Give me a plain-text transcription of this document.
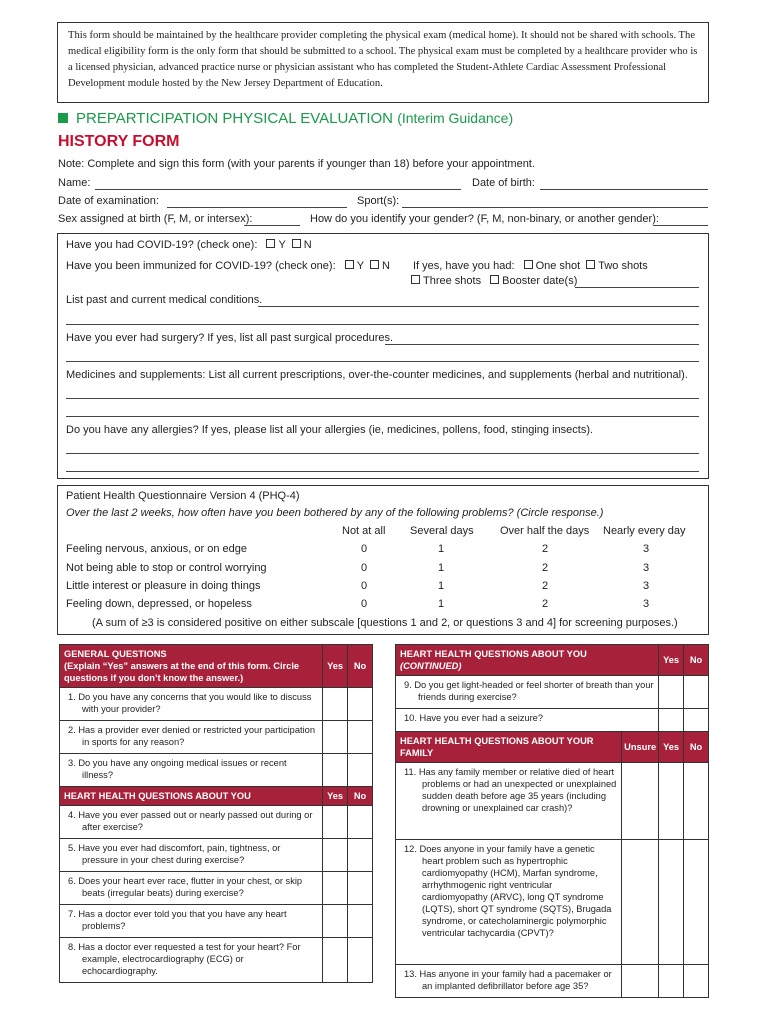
This form should be maintained by the healthcare provider completing the physical exam (medical home). It should not be shared with schools. The medical eligibility form is the only form that should be submitted to a school. The physical exam must be completed by a healthcare provider who is a licensed physician, advanced practice nurse or physician assistant who has completed the Student-Athlete Cardiac Assessment Professional Development module hosted by the New Jersey Department of Education.
PREPARTICIPATION PHYSICAL EVALUATION (Interim Guidance)
HISTORY FORM
Note: Complete and sign this form (with your parents if younger than 18) before your appointment.
Name:	Date of birth:
Date of examination:	Sport(s):
Sex assigned at birth (F, M, or intersex):	How do you identify your gender? (F, M, non-binary, or another gender):
Have you had COVID-19? (check one): Y N
Have you been immunized for COVID-19? (check one): Y N If yes, have you had: One shot Two shots
Three shots Booster date(s)
List past and current medical conditions.
Have you ever had surgery? If yes, list all past surgical procedures.
Medicines and supplements: List all current prescriptions, over-the-counter medicines, and supplements (herbal and nutritional).
Do you have any allergies? If yes, please list all your allergies (ie, medicines, pollens, food, stinging insects).
Patient Health Questionnaire Version 4 (PHQ-4)
Over the last 2 weeks, how often have you been bothered by any of the following problems? (Circle response.)
Not at all Several days Over half the days Nearly every day
Feeling nervous, anxious, or on edge	0	1	2	3
Not being able to stop or control worrying	0	1	2	3
Little interest or pleasure in doing things	0	1	2	3
Feeling down, depressed, or hopeless	0	1	2	3
(A sum of ≥3 is considered positive on either subscale [questions 1 and 2, or questions 3 and 4] for screening purposes.)
GENERAL QUESTIONS
(Explain “Yes” answers at the end of this form. Circle questions if you don’t know the answer.)	Yes	No
1. Do you have any concerns that you would like to discuss with your provider?		
2. Has a provider ever denied or restricted your participation in sports for any reason?		
3. Do you have any ongoing medical issues or recent illness?		
HEART HEALTH QUESTIONS ABOUT YOU	Yes	No
4. Have you ever passed out or nearly passed out during or after exercise?		
5. Have you ever had discomfort, pain, tightness, or pressure in your chest during exercise?		
6. Does your heart ever race, flutter in your chest, or skip beats (irregular beats) during exercise?		
7. Has a doctor ever told you that you have any heart problems?		
8. Has a doctor ever requested a test for your heart? For example, electrocardiography (ECG) or echocardiography.		
HEART HEALTH QUESTIONS ABOUT YOU
(CONTINUED)		Yes	No
9. Do you get light-headed or feel shorter of breath than your friends during exercise?			
10. Have you ever had a seizure?			
HEART HEALTH QUESTIONS ABOUT YOUR FAMILY	Unsure	Yes	No
11. Has any family member or relative died of heart problems or had an unexpected or unexplained sudden death before age 35 years (including drowning or unexplained car crash)?			
12. Does anyone in your family have a genetic heart problem such as hypertrophic cardiomyopathy (HCM), Marfan syndrome, arrhythmogenic right ventricular cardiomyopathy (ARVC), long QT syndrome (LQTS), short QT syndrome (SQTS), Brugada syndrome, or catecholaminergic polymorphic ventricular tachycardia (CPVT)?			
13. Has anyone in your family had a pacemaker or an implanted defibrillator before age 35?			
